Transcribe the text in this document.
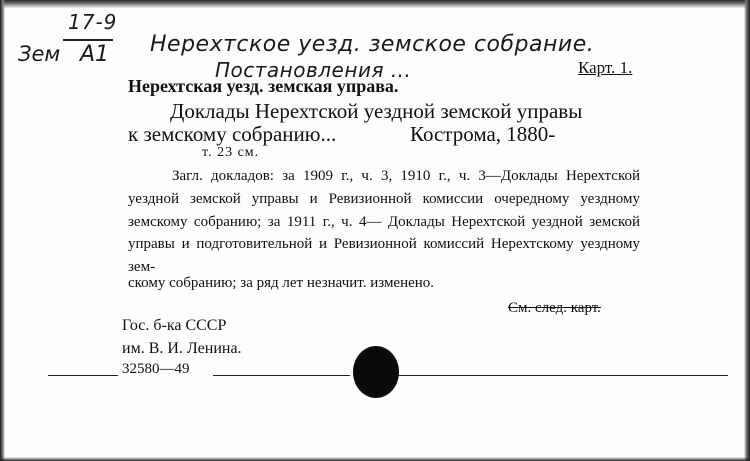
17-9
Зем А1 Нерехтское уезд. земское собрание.
Постановления ...	Карт. 1.
Нерехтская уезд. земская управа.
Доклады Нерехтской уездной земской управы
к земскому собранию...	Кострома, 1880-
т. 23 см.
Загл. докладов: за 1909 г., ч. 3, 1910 г., ч. 3—Доклады Нерехтской уездной земской управы и Ревизионной комиссии очередному уездному земскому собранию; за 1911 г., ч. 4— Доклады Нерехтской уездной земской управы и подготовительной и Ревизионной комиссий Нерехтскому уездному зем-
скому собранию; за ряд лет незначит. изменено.
См. след. карт.
Гос. б-ка СССР
им. В. И. Ленина.
32580—49
